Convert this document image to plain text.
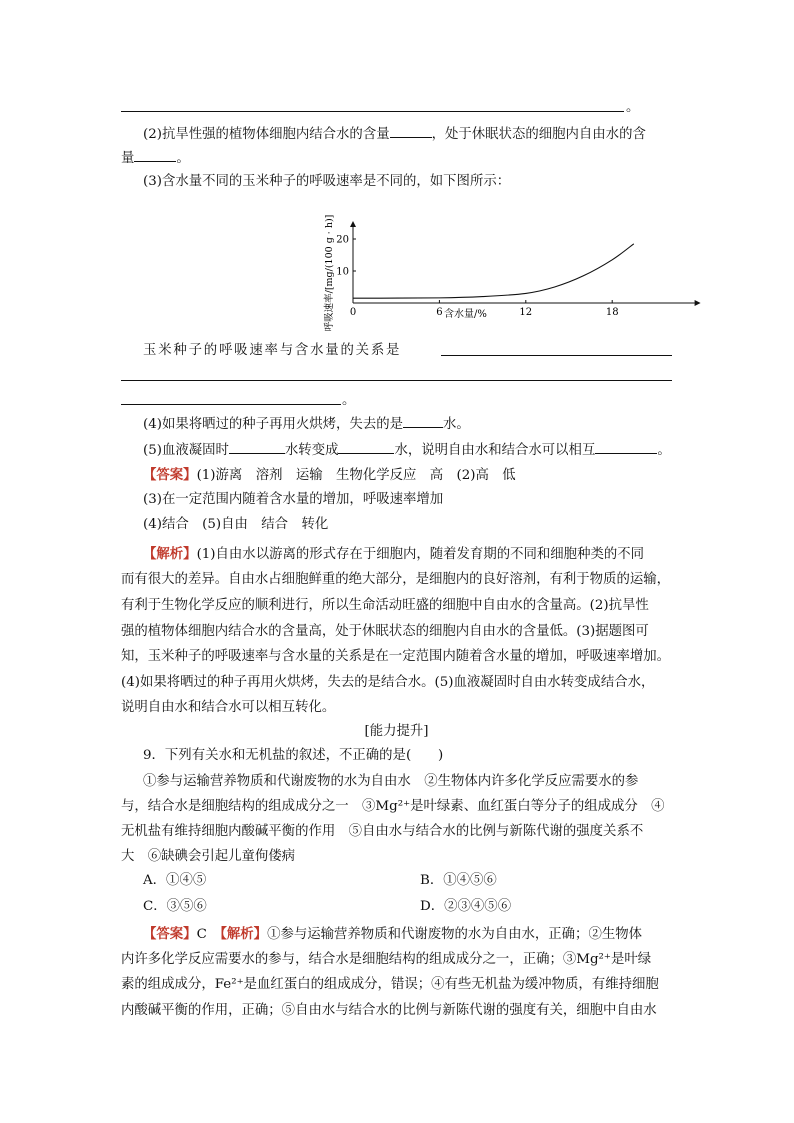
。
(2)抗旱性强的植物体细胞内结合水的含量	，处于休眠状态的细胞内自由水的含
量	。
(3)含水量不同的玉米种子的呼吸速率是不同的，如下图所示：
呼吸速率/[mg/(100 g · h)] 0	6	12	18
10
20
含水量/%
玉米种子的呼吸速率与含水量的关系是
。
(4)如果将晒过的种子再用火烘烤，失去的是	水。
(5)血液凝固时	水转变成	水，说明自由水和结合水可以相互	。
【答案】(1)游离　溶剂　运输　生物化学反应　高　(2)高　低
(3)在一定范围内随着含水量的增加，呼吸速率增加
(4)结合　(5)自由　结合　转化
【解析】(1)自由水以游离的形式存在于细胞内，随着发育期的不同和细胞种类的不同
而有很大的差异。自由水占细胞鲜重的绝大部分，是细胞内的良好溶剂，有利于物质的运输，
有利于生物化学反应的顺利进行，所以生命活动旺盛的细胞中自由水的含量高。(2)抗旱性
强的植物体细胞内结合水的含量高，处于休眠状态的细胞内自由水的含量低。(3)据题图可
知，玉米种子的呼吸速率与含水量的关系是在一定范围内随着含水量的增加，呼吸速率增加。
(4)如果将晒过的种子再用火烘烤，失去的是结合水。(5)血液凝固时自由水转变成结合水，
说明自由水和结合水可以相互转化。
[能力提升]
9．下列有关水和无机盐的叙述，不正确的是(　　)
①参与运输营养物质和代谢废物的水为自由水　②生物体内许多化学反应需要水的参
与，结合水是细胞结构的组成成分之一　③Mg²⁺是叶绿素、血红蛋白等分子的组成成分　④
无机盐有维持细胞内酸碱平衡的作用　⑤自由水与结合水的比例与新陈代谢的强度关系不
大　⑥缺碘会引起儿童佝偻病
A．①④⑤	B．①④⑤⑥
C．③⑤⑥	D．②③④⑤⑥
【答案】C　 【解析】①参与运输营养物质和代谢废物的水为自由水，正确；②生物体
内许多化学反应需要水的参与，结合水是细胞结构的组成成分之一，正确；③Mg²⁺是叶绿
素的组成成分，Fe²⁺是血红蛋白的组成成分，错误；④有些无机盐为缓冲物质，有维持细胞
内酸碱平衡的作用，正确；⑤自由水与结合水的比例与新陈代谢的强度有关，细胞中自由水
